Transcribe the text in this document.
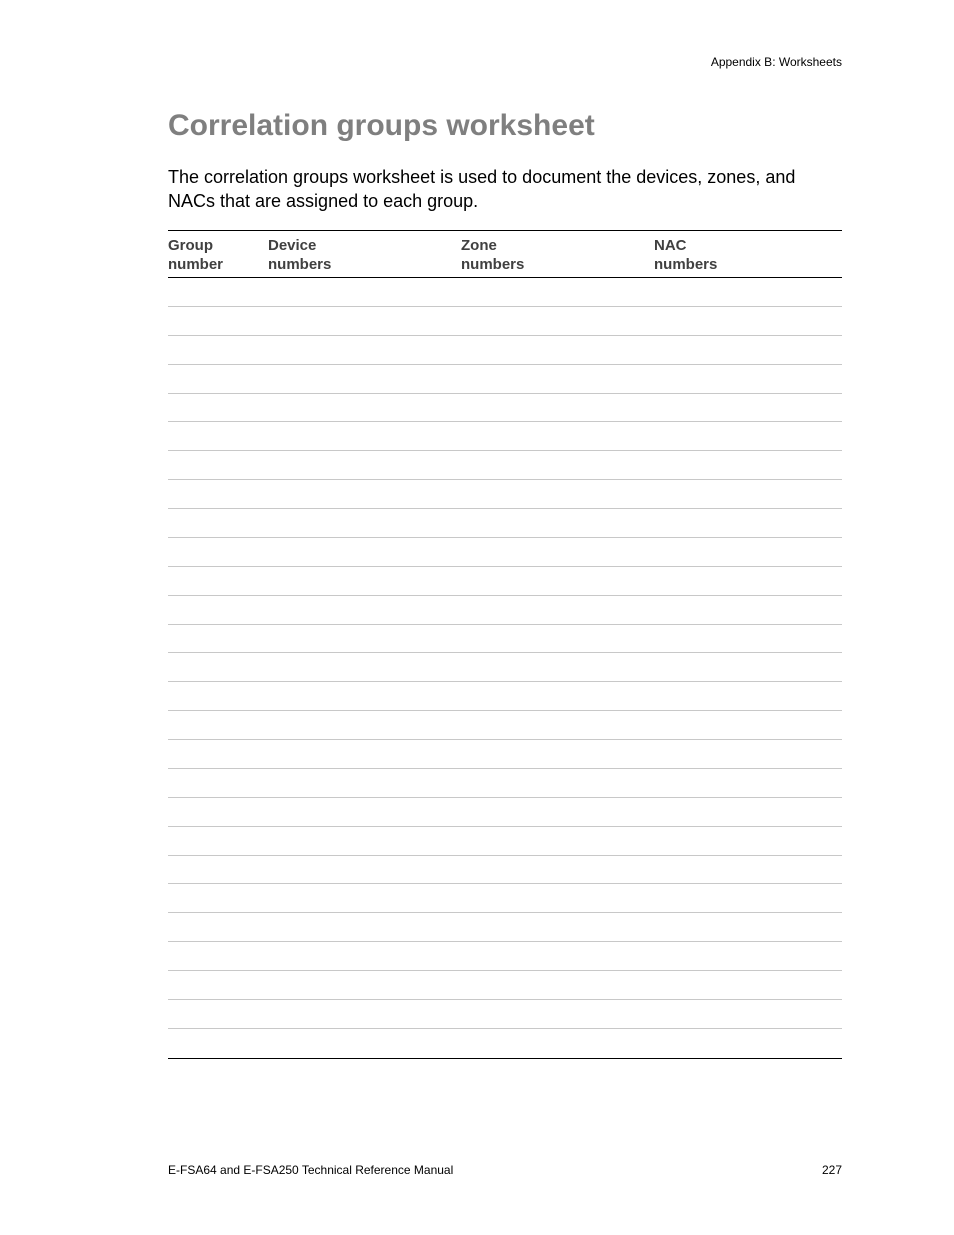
Appendix B: Worksheets
Correlation groups worksheet

The correlation groups worksheet is used to document the devices, zones, and NACs that are assigned to each group.

Group
number
Device
numbers
Zone
numbers
NAC
numbers
E-FSA64 and E-FSA250 Technical Reference Manual	227
